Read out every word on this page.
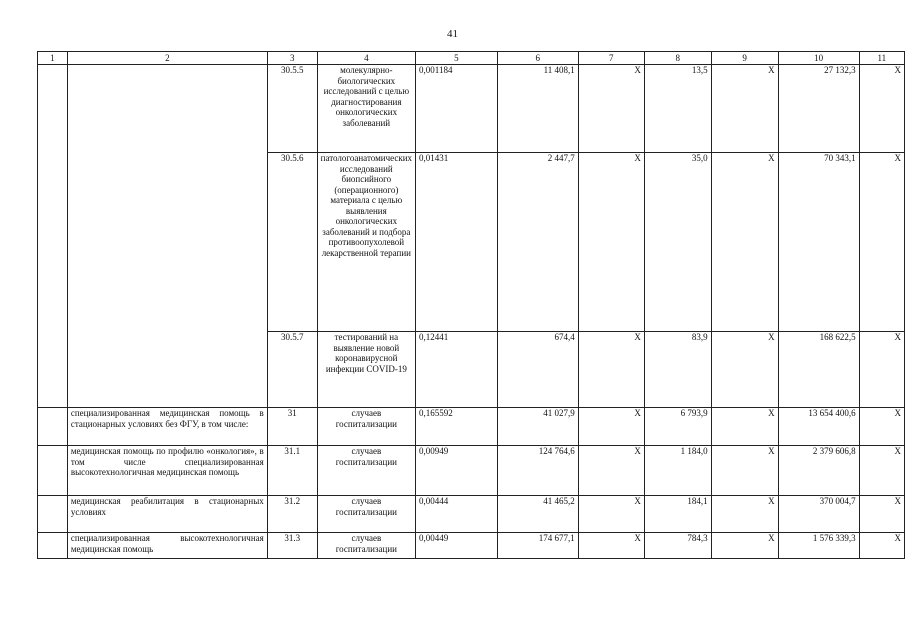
41
1	2	3	4	5	6	7	8	9	10	11
		30.5.5	молекулярно-биологических исследований с целью диагностирования онкологических заболеваний	0,001184	11 408,1	X	13,5	X	27 132,3	X
		30.5.6	патологоанатомических исследований биопсийного (операционного) материала с целью выявления онкологических заболеваний и подбора противоопухолевой лекарственной терапии	0,01431	2 447,7	X	35,0	X	70 343,1	X
		30.5.7	тестирований на выявление новой коронавирусной инфекции COVID-19	0,12441	674,4	X	83,9	X	168 622,5	X
	специализированная медицинская помощь в стационарных условиях без ФГУ, в том числе:	31	случаев госпитализации	0,165592	41 027,9	X	6 793,9	X	13 654 400,6	X
	медицинская помощь по профилю «онкология», в том числе специализированная высокотехнологичная медицинская помощь	31.1	случаев госпитализации	0,00949	124 764,6	X	1 184,0	X	2 379 606,8	X
	медицинская реабилитация в стационарных условиях	31.2	случаев госпитализации	0,00444	41 465,2	X	184,1	X	370 004,7	X
	специализированная высокотехнологичная медицинская помощь	31.3	случаев госпитализации	0,00449	174 677,1	X	784,3	X	1 576 339,3	X
